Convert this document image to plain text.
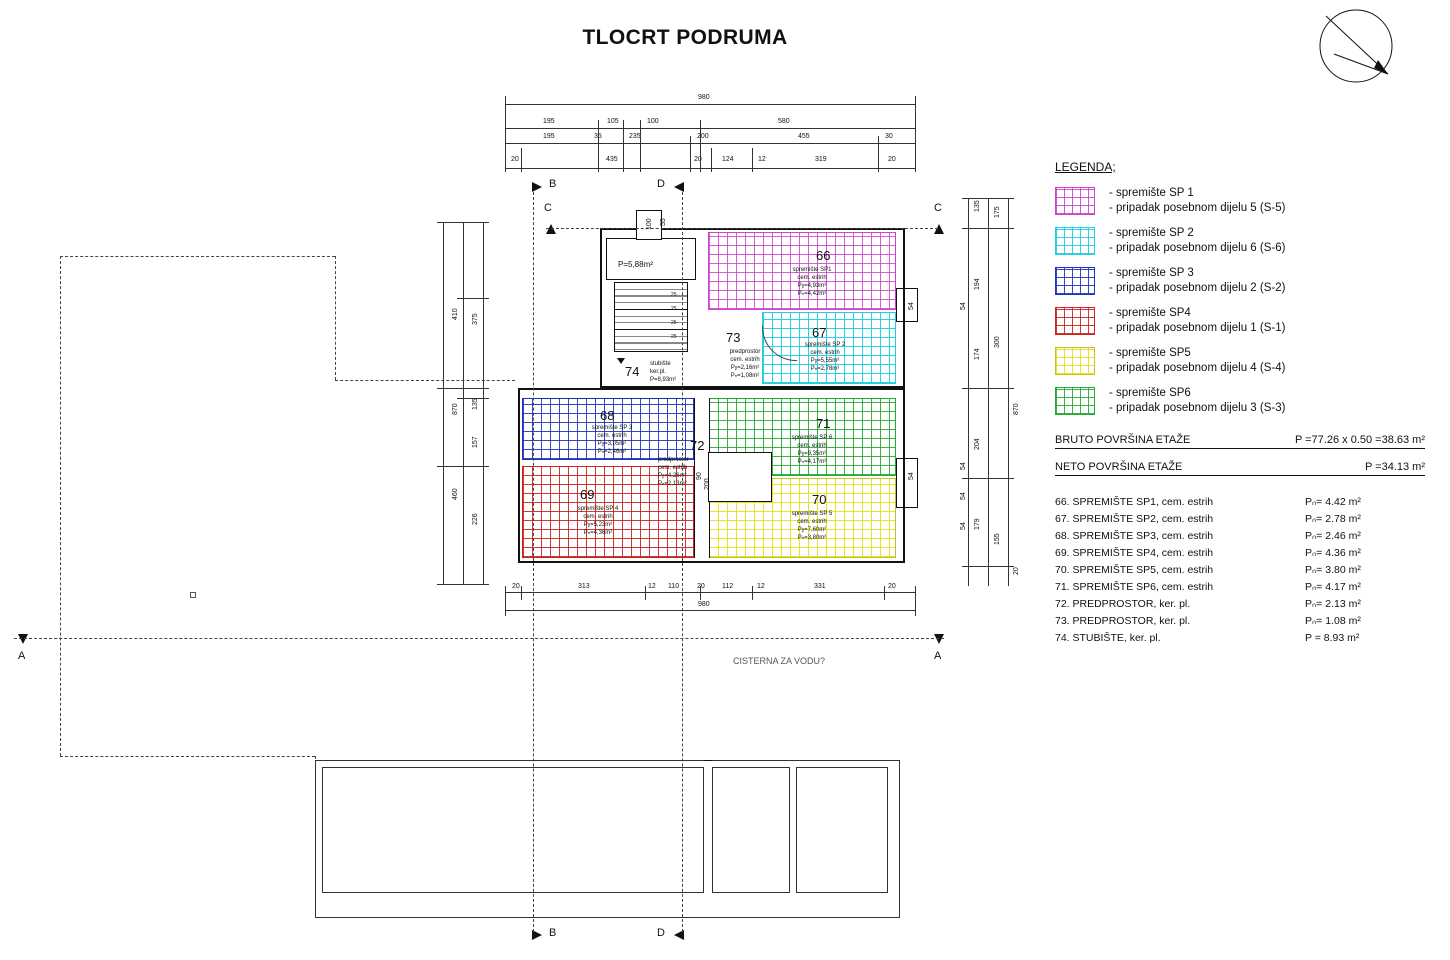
TLOCRT PODRUMA
P=5,88m²
25
25
25
25
66
spremište SP1
cem. estrih
Pᵦ=4,93m²
Pₙ=4,42m²
67
spremište SP 2
cem. estrih
Pᵦ=5,55m²
Pₙ=2,78m²
73
predprostor
cem. estrih
Pᵦ=2,16m²
Pₙ=1,08m²
74 stubište
ker.pl.
P=8,93m²
68
spremište SP 3
cem. estrih
Pᵦ=3,05m²
Pₙ=2,46m²
69
spremište SP 4
cem. estrih
Pᵦ=5,23m²
Pₙ=4,36m²
71
spremište SP 6
cem. estrih
Pᵦ=9,35m²
Pₙ=4,17m²
70
spremište SP 5
cem. estrih
Pᵦ=7,60m²
Pₙ=3,80m²
72
predprostor
cem. estrih
Pᵦ=4,26m²
Pₙ=2,13m²
B	D
C	C
A	A
B	D
CISTERNA ZA VODU?
980
195	105	100	580
195	35	235	200	455	30
20	435	20	124	12	319	20
100 55
410 375
870 135
157
460
226
135
175
194
174
870
300
204
179
155
20
54
54
54
54
54
54
90
200
20	313	12 110	20 112	12	331	20
980
LEGENDA;
- spremište SP 1
- pripadak posebnom dijelu 5 (S-5)
- spremište SP 2
- pripadak posebnom dijelu 6 (S-6)
- spremište SP 3
- pripadak posebnom dijelu 2 (S-2)
- spremište SP4
- pripadak posebnom dijelu 1 (S-1)
- spremište SP5
- pripadak posebnom dijelu 4 (S-4)
- spremište SP6
- pripadak posebnom dijelu 3 (S-3)
BRUTO POVRŠINA ETAŽE	P =77.26 x 0.50 =38.63 m²
NETO POVRŠINA ETAŽE	P =34.13 m²
66. SPREMIŠTE SP1, cem. estrih	Pₙ= 4.42 m²
67. SPREMIŠTE SP2, cem. estrih	Pₙ= 2.78 m²
68. SPREMIŠTE SP3, cem. estrih	Pₙ= 2.46 m²
69. SPREMIŠTE SP4, cem. estrih	Pₙ= 4.36 m²
70. SPREMIŠTE SP5, cem. estrih	Pₙ= 3.80 m²
71. SPREMIŠTE SP6, cem. estrih	Pₙ= 4.17 m²
72. PREDPROSTOR, ker. pl.	Pₙ= 2.13 m²
73. PREDPROSTOR, ker. pl.	Pₙ= 1.08 m²
74. STUBIŠTE, ker. pl.	P = 8.93 m²
